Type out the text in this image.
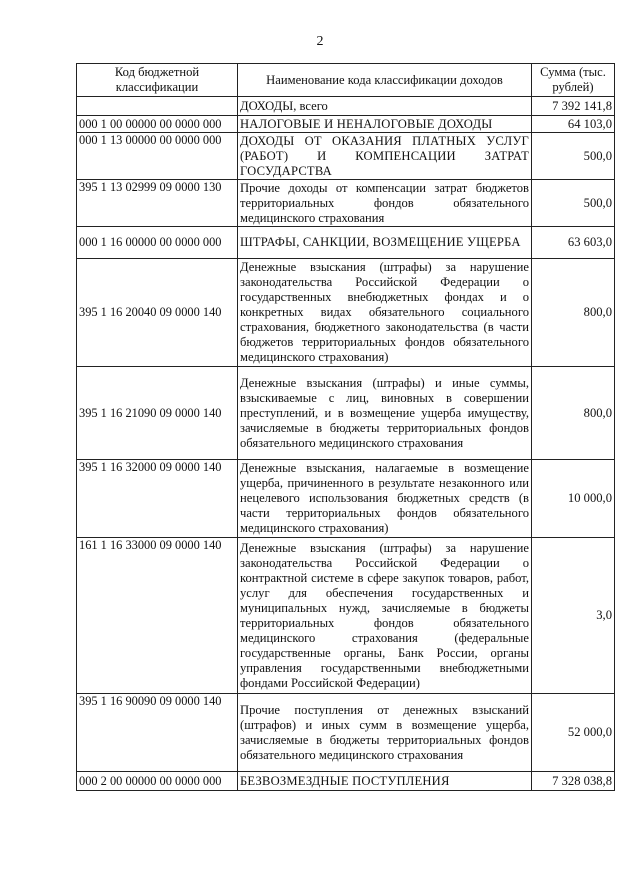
2
Код бюджетной классификации	Наименование кода классификации доходов	Сумма (тыс. рублей)
	ДОХОДЫ, всего	7 392 141,8
000 1 00 00000 00 0000 000	НАЛОГОВЫЕ И НЕНАЛОГОВЫЕ ДОХОДЫ	64 103,0
000 1 13 00000 00 0000 000	ДОХОДЫ ОТ ОКАЗАНИЯ ПЛАТНЫХ УСЛУГ (РАБОТ) И КОМПЕНСАЦИИ ЗАТРАТ ГОСУДАРСТВА	500,0
395 1 13 02999 09 0000 130	Прочие доходы от компенсации затрат бюджетов территориальных фондов обязательного медицинского страхования	500,0
000 1 16 00000 00 0000 000	ШТРАФЫ, САНКЦИИ, ВОЗМЕЩЕНИЕ УЩЕРБА	63 603,0
395 1 16 20040 09 0000 140	Денежные взыскания (штрафы) за нарушение законодательства Российской Федерации о государственных внебюджетных фондах и о конкретных видах обязательного социального страхования, бюджетного законодательства (в части бюджетов территориальных фондов обязательного медицинского страхования)	800,0
395 1 16 21090 09 0000 140	Денежные взыскания (штрафы) и иные суммы, взыскиваемые с лиц, виновных в совершении преступлений, и в возмещение ущерба имуществу, зачисляемые в бюджеты территориальных фондов обязательного медицинского страхования	800,0
395 1 16 32000 09 0000 140	Денежные взыскания, налагаемые в возмещение ущерба, причиненного в результате незаконного или нецелевого использования бюджетных средств (в части территориальных фондов обязательного медицинского страхования)	10 000,0
161 1 16 33000 09 0000 140	Денежные взыскания (штрафы) за нарушение законодательства Российской Федерации о контрактной системе в сфере закупок товаров, работ, услуг для обеспечения государственных и муниципальных нужд, зачисляемые в бюджеты территориальных фондов обязательного медицинского страхования (федеральные государственные органы, Банк России, органы управления государственными внебюджетными фондами Российской Федерации)	3,0
395 1 16 90090 09 0000 140	Прочие поступления от денежных взысканий (штрафов) и иных сумм в возмещение ущерба, зачисляемые в бюджеты территориальных фондов обязательного медицинского страхования	52 000,0
000 2 00 00000 00 0000 000	БЕЗВОЗМЕЗДНЫЕ ПОСТУПЛЕНИЯ	7 328 038,8
